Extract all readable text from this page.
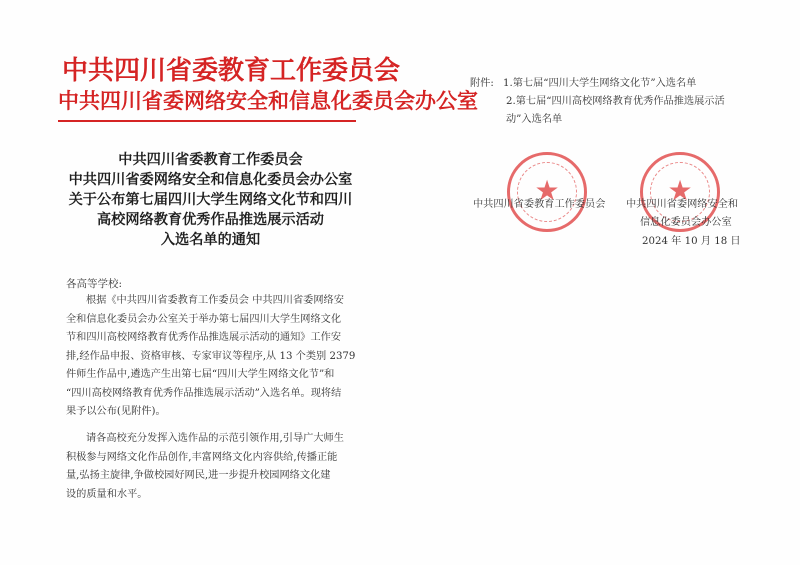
中共四川省委教育工作委员会
中共四川省委网络安全和信息化委员会办公室
中共四川省委教育工作委员会
中共四川省委网络安全和信息化委员会办公室
关于公布第七届四川大学生网络文化节和四川
高校网络教育优秀作品推选展示活动
入选名单的通知
各高等学校:
根据《中共四川省委教育工作委员会 中共四川省委网络安
全和信息化委员会办公室关于举办第七届四川大学生网络文化
节和四川高校网络教育优秀作品推选展示活动的通知》工作安
排,经作品申报、资格审核、专家审议等程序,从 13 个类别 2379
件师生作品中,遴选产生出第七届“四川大学生网络文化节”和
“四川高校网络教育优秀作品推选展示活动”入选名单。现将结
果予以公布(见附件)。
请各高校充分发挥入选作品的示范引领作用,引导广大师生
积极参与网络文化作品创作,丰富网络文化内容供给,传播正能
量,弘扬主旋律,争做校园好网民,进一步提升校园网络文化建
设的质量和水平。
附件: 1.第七届“四川大学生网络文化节”入选名单
2.第七届“四川高校网络教育优秀作品推选展示活
动”入选名单
★	★
中共四川省委教育工作委员会 中共四川省委网络安全和
信息化委员会办公室
2024 年 10 月 18 日
